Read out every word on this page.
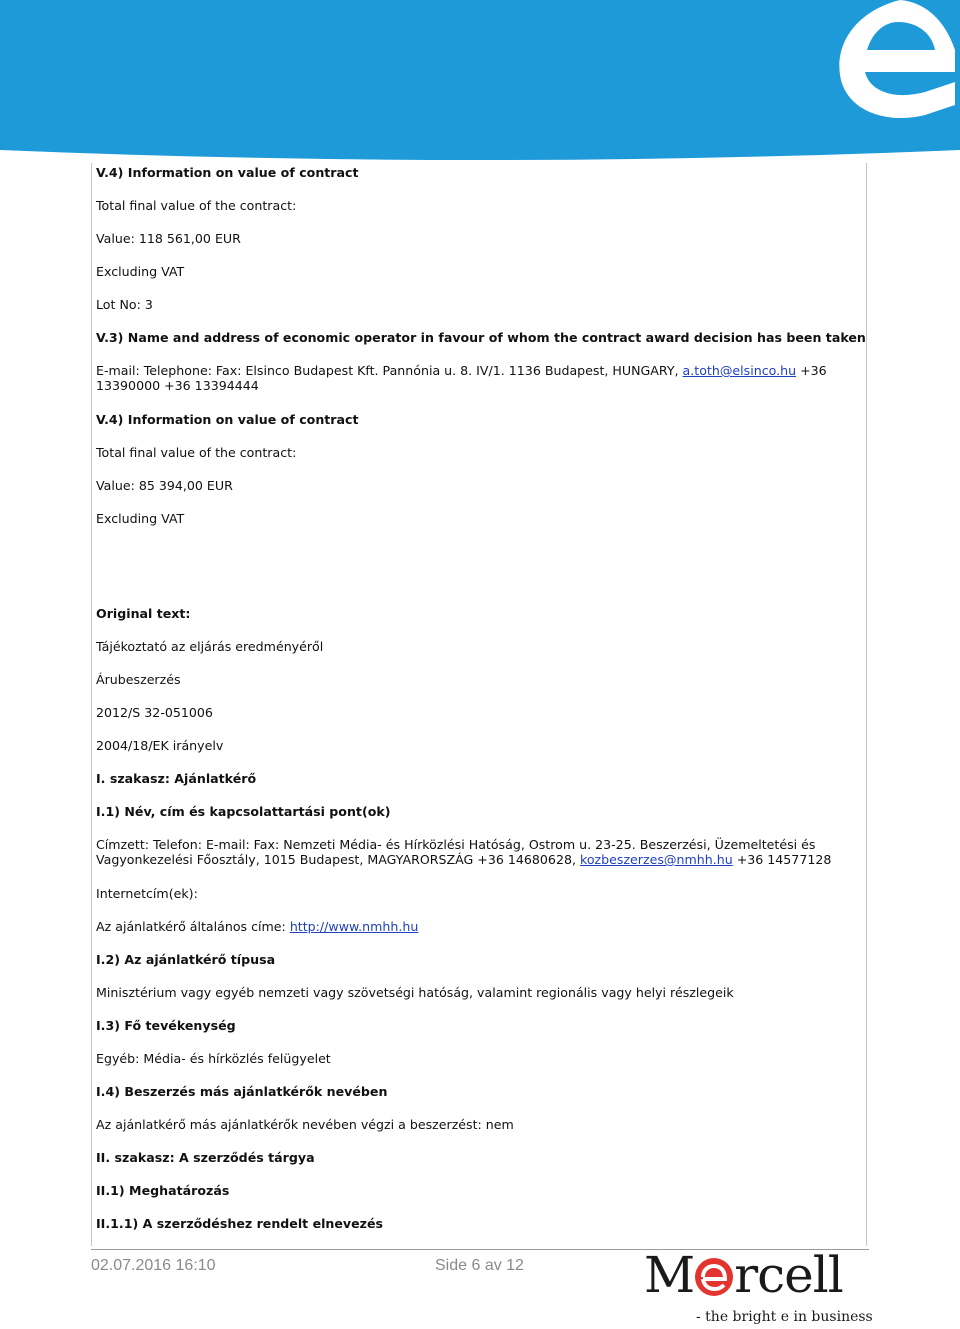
V.4) Information on value of contract

Total final value of the contract:

Value: 118 561,00 EUR

Excluding VAT

Lot No: 3

V.3) Name and address of economic operator in favour of whom the contract award decision has been taken

E-mail: Telephone: Fax: Elsinco Budapest Kft. Pannónia u. 8. IV/1. 1136 Budapest, HUNGARY, a.toth@elsinco.hu +36 13390000 +36 13394444

V.4) Information on value of contract

Total final value of the contract:

Value: 85 394,00 EUR

Excluding VAT

Original text:

Tájékoztató az eljárás eredményéről

Árubeszerzés

2012/S 32-051006

2004/18/EK irányelv

I. szakasz: Ajánlatkérő

I.1) Név, cím és kapcsolattartási pont(ok)

Címzett: Telefon: E-mail: Fax: Nemzeti Média- és Hírközlési Hatóság, Ostrom u. 23-25. Beszerzési, Üzemeltetési és Vagyonkezelési Főosztály, 1015 Budapest, MAGYARORSZÁG +36 14680628, kozbeszerzes@nmhh.hu +36 14577128

Internetcím(ek):

Az ajánlatkérő általános címe: http://www.nmhh.hu

I.2) Az ajánlatkérő típusa

Minisztérium vagy egyéb nemzeti vagy szövetségi hatóság, valamint regionális vagy helyi részlegeik

I.3) Fő tevékenység

Egyéb: Média- és hírközlés felügyelet

I.4) Beszerzés más ajánlatkérők nevében

Az ajánlatkérő más ajánlatkérők nevében végzi a beszerzést: nem

II. szakasz: A szerződés tárgya

II.1) Meghatározás

II.1.1) A szerződéshez rendelt elnevezés

02.07.2016 16:10	Side 6 av 12 M rcell
- the bright e in business
